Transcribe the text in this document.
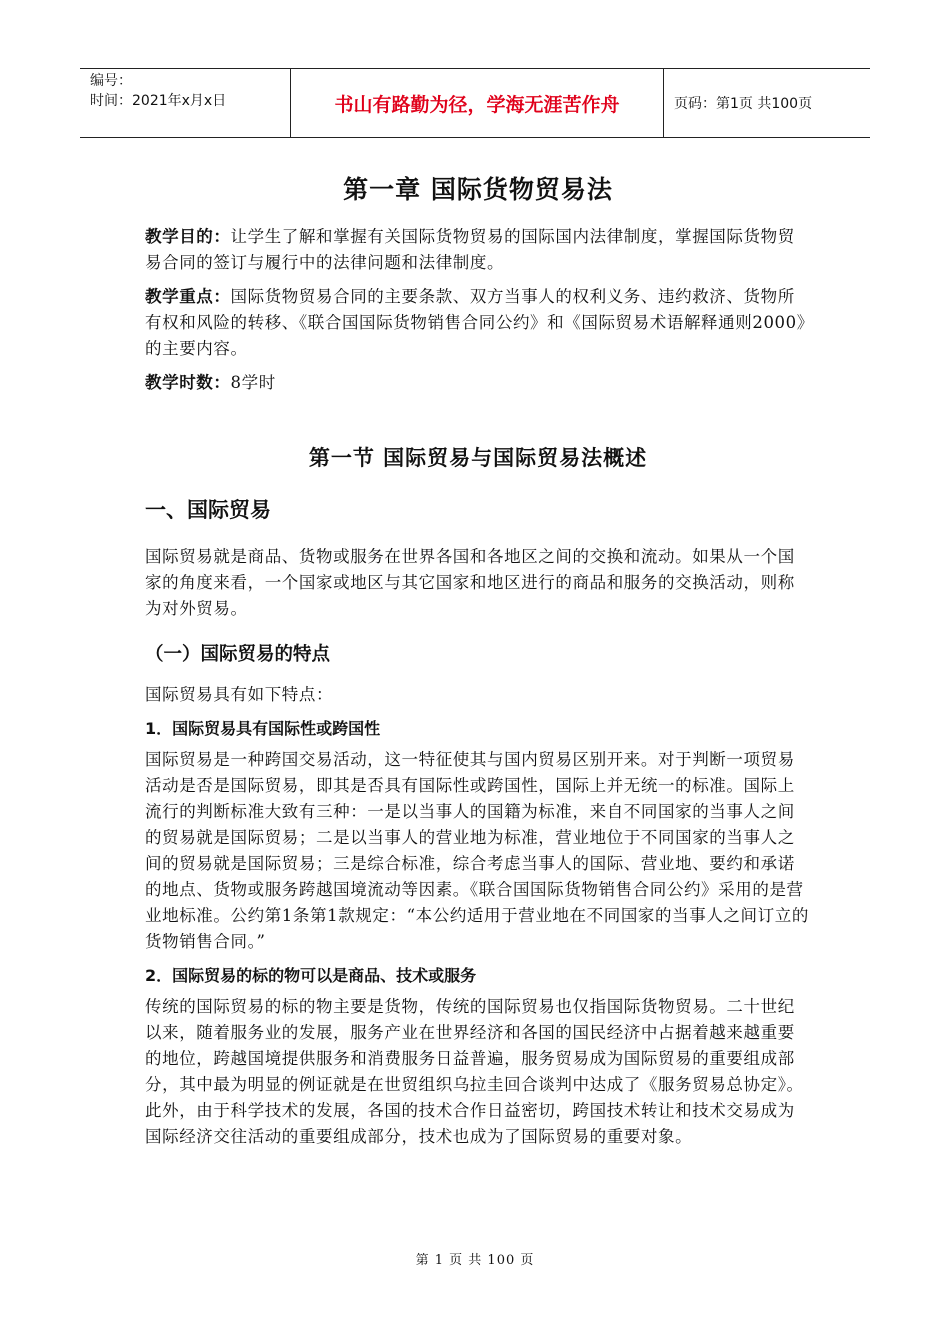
编号：
时间：2021年x月x日	书山有路勤为径，学海无涯苦作舟	页码：第1页 共100页
第一章 国际货物贸易法

教学目的：让学生了解和掌握有关国际货物贸易的国际国内法律制度，掌握国际货物贸易合同的签订与履行中的法律问题和法律制度。

教学重点：国际货物贸易合同的主要条款、双方当事人的权利义务、违约救济、货物所有权和风险的转移、《联合国国际货物销售合同公约》和《国际贸易术语解释通则2000》的主要内容。

教学时数：8学时

第一节 国际贸易与国际贸易法概述
一、国际贸易

国际贸易就是商品、货物或服务在世界各国和各地区之间的交换和流动。如果从一个国家的角度来看，一个国家或地区与其它国家和地区进行的商品和服务的交换活动，则称为对外贸易。

（一）国际贸易的特点

国际贸易具有如下特点：

1．国际贸易具有国际性或跨国性

国际贸易是一种跨国交易活动，这一特征使其与国内贸易区别开来。对于判断一项贸易活动是否是国际贸易，即其是否具有国际性或跨国性，国际上并无统一的标准。国际上流行的判断标准大致有三种：一是以当事人的国籍为标准，来自不同国家的当事人之间的贸易就是国际贸易；二是以当事人的营业地为标准，营业地位于不同国家的当事人之间的贸易就是国际贸易；三是综合标准，综合考虑当事人的国际、营业地、要约和承诺的地点、货物或服务跨越国境流动等因素。《联合国国际货物销售合同公约》采用的是营业地标准。公约第1条第1款规定：“本公约适用于营业地在不同国家的当事人之间订立的货物销售合同。”

2．国际贸易的标的物可以是商品、技术或服务

传统的国际贸易的标的物主要是货物，传统的国际贸易也仅指国际货物贸易。二十世纪以来，随着服务业的发展，服务产业在世界经济和各国的国民经济中占据着越来越重要的地位，跨越国境提供服务和消费服务日益普遍，服务贸易成为国际贸易的重要组成部分，其中最为明显的例证就是在世贸组织乌拉圭回合谈判中达成了《服务贸易总协定》。此外，由于科学技术的发展，各国的技术合作日益密切，跨国技术转让和技术交易成为国际经济交往活动的重要组成部分，技术也成为了国际贸易的重要对象。

第 1 页 共 100 页
